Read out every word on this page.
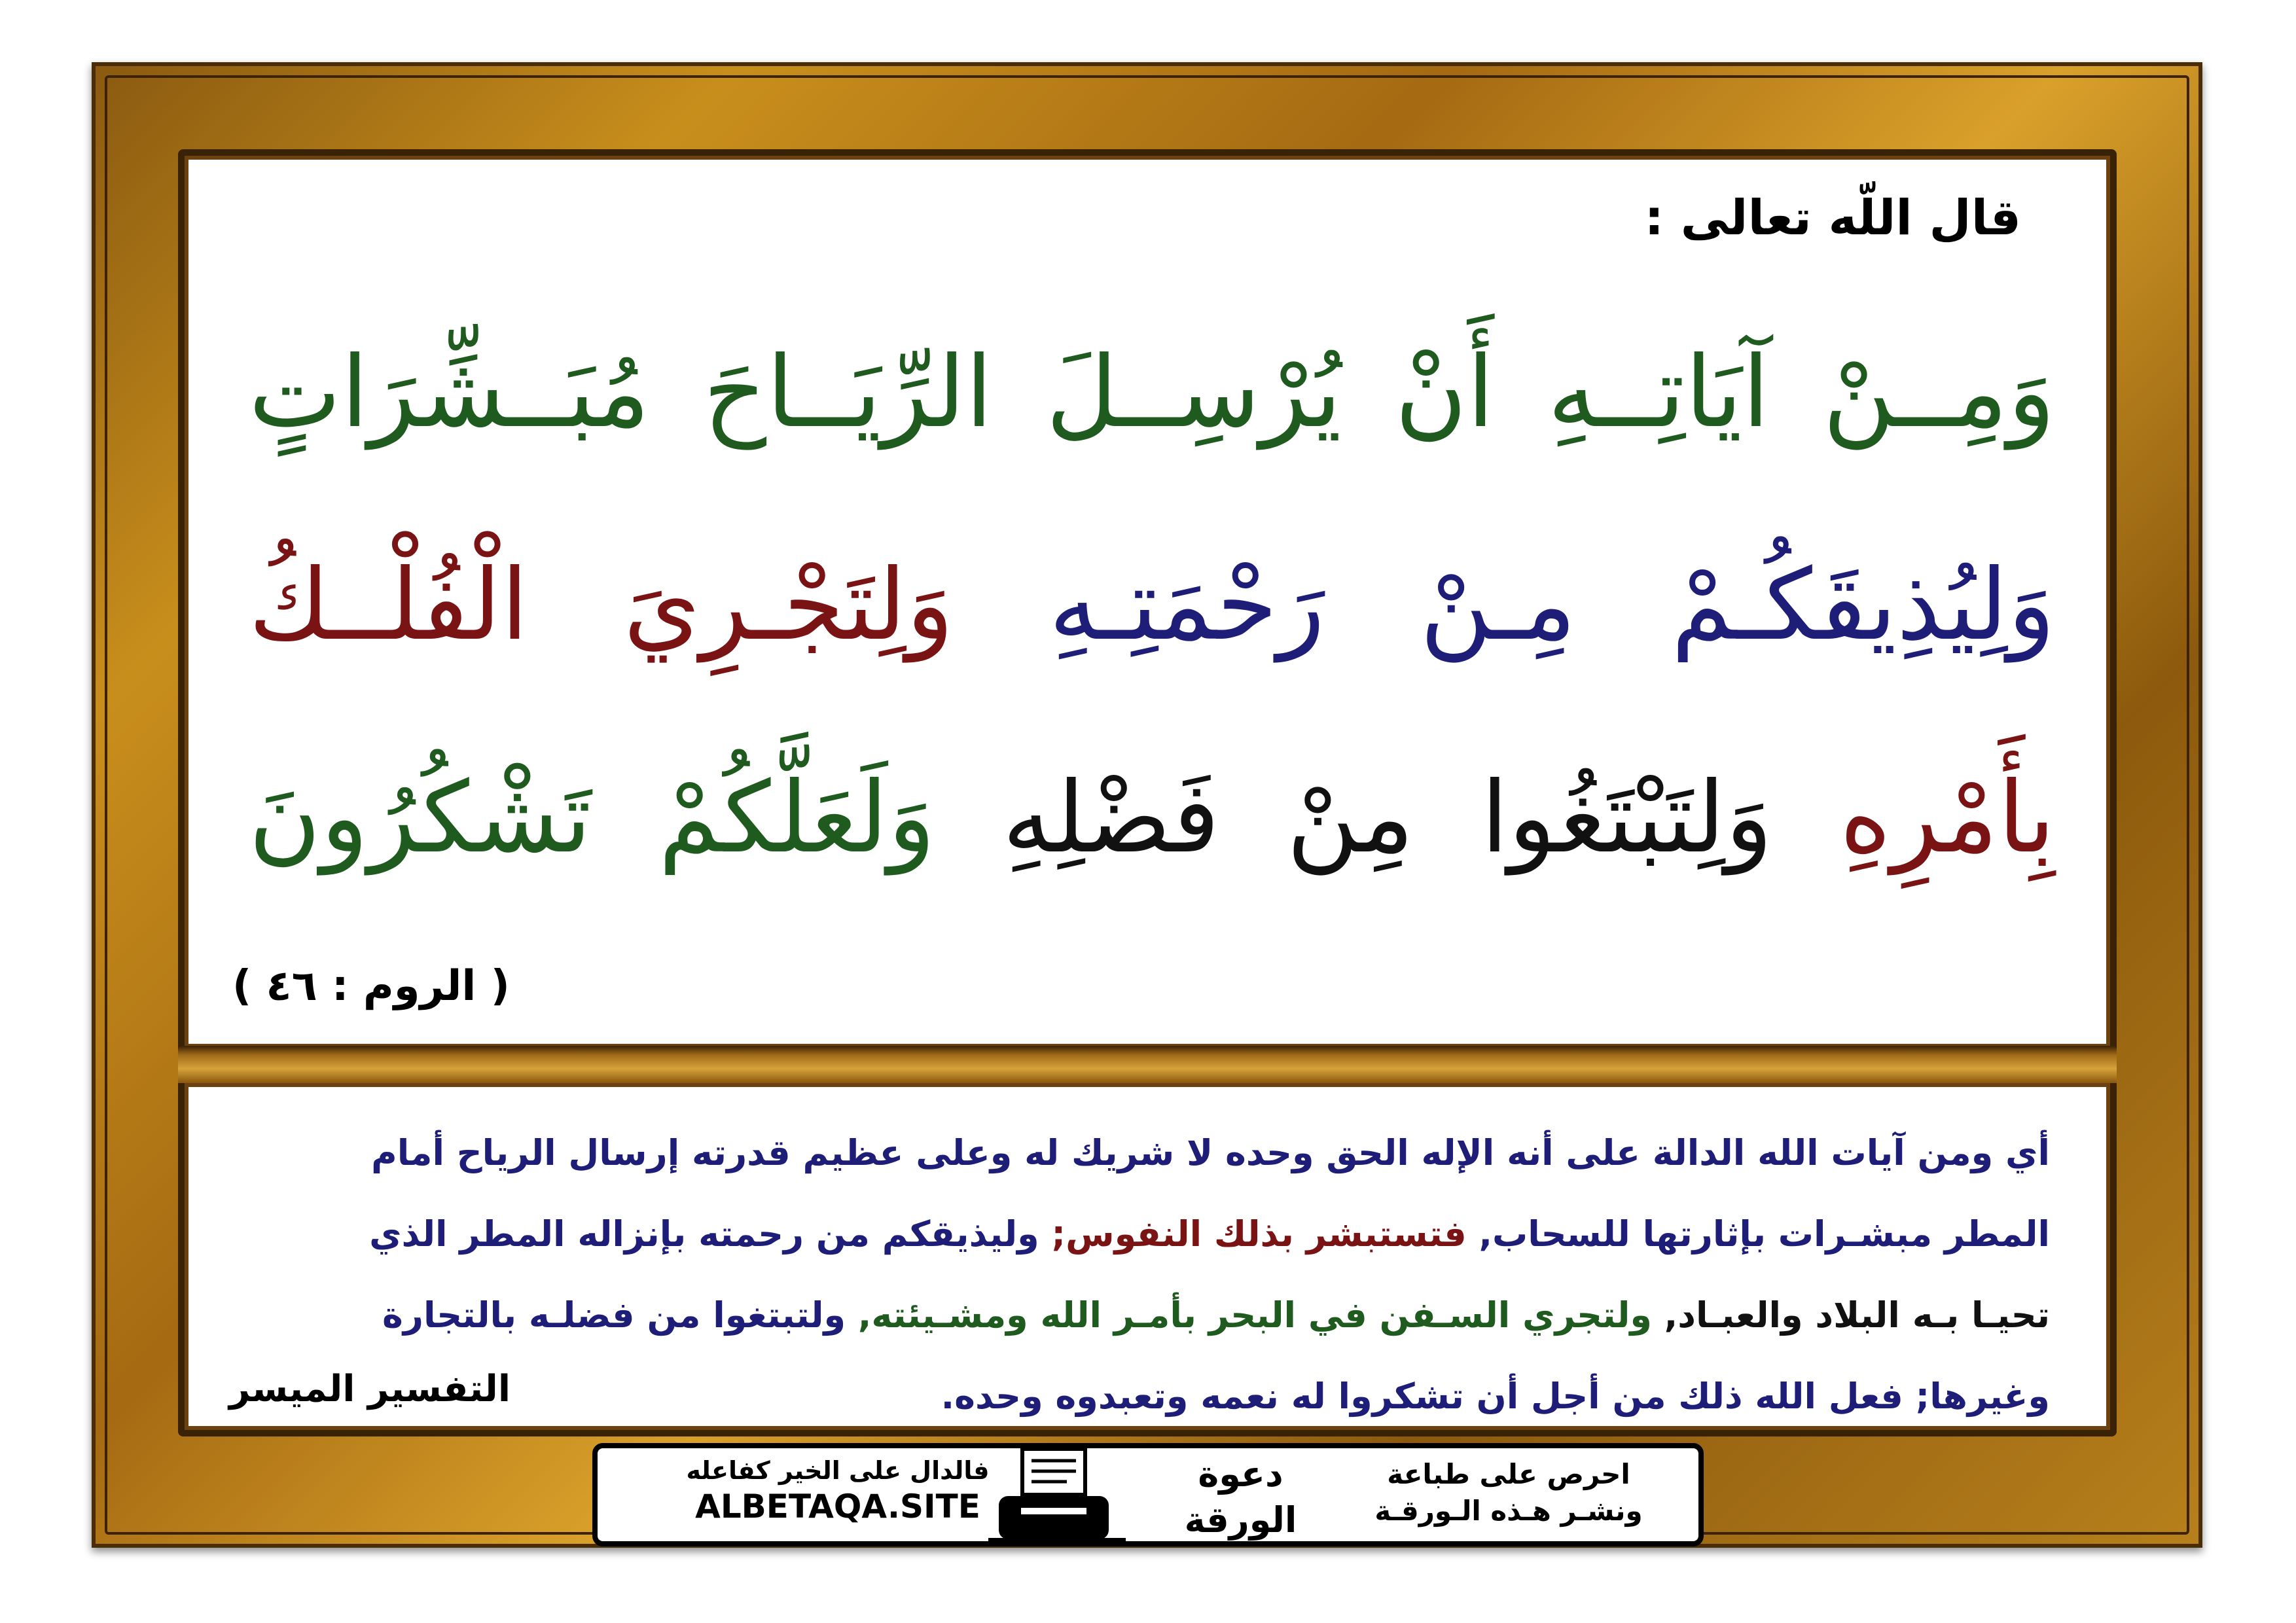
قال اللّه تعالى :
وَمِــنْ آيَاتِــهِ أَنْ يُرْسِــلَ الرِّيَــاحَ مُبَــشِّرَاتٍ
وَلِيُذِيقَكُـمْ مِـنْ رَحْمَتِـهِ وَلِتَجْـرِيَ الْفُلْــكُ
بِأَمْرِهِ وَلِتَبْتَغُوا مِنْ فَضْلِهِ وَلَعَلَّكُمْ تَشْكُرُونَ
( الروم : ٤٦ )
أي ومن آيات الله الدالة على أنه الإله الحق وحده لا شريك له وعلى عظيم قدرته إرسال الرياح أمام
المطر مبشـرات بإثارتها للسحاب, فتستبشر بذلك النفوس; وليذيقكم من رحمته بإنزاله المطر الذي
تحيـا بـه البلاد والعبـاد, ولتجري السـفن في البحر بأمـر الله ومشـيئته, ولتبتغوا من فضلـه بالتجارة
وغيرها; فعل الله ذلك من أجل أن تشكروا له نعمه وتعبدوه وحده.
التفسير الميسر
فالدال على الخير كفاعله
ALBETAQA.SITE
دعوة
الورقة
احرص على طباعة
ونشـر هـذه الـورقـة
